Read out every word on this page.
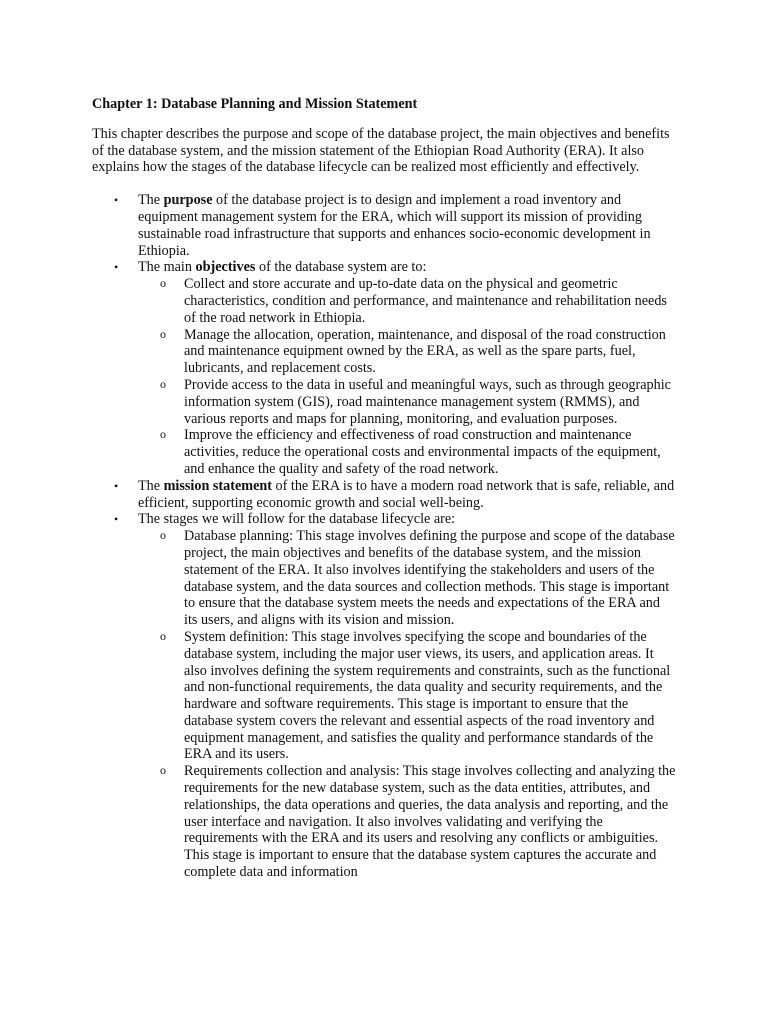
Chapter 1: Database Planning and Mission Statement

This chapter describes the purpose and scope of the database project, the main objectives and benefits of the database system, and the mission statement of the Ethiopian Road Authority (ERA). It also explains how the stages of the database lifecycle can be realized most efficiently and effectively.

• The purpose of the database project is to design and implement a road inventory and equipment management system for the ERA, which will support its mission of providing sustainable road infrastructure that supports and enhances socio-economic development in Ethiopia.
• The main objectives of the database system are to:
o Collect and store accurate and up-to-date data on the physical and geometric characteristics, condition and performance, and maintenance and rehabilitation needs of the road network in Ethiopia.
o Manage the allocation, operation, maintenance, and disposal of the road construction and maintenance equipment owned by the ERA, as well as the spare parts, fuel, lubricants, and replacement costs.
o Provide access to the data in useful and meaningful ways, such as through geographic information system (GIS), road maintenance management system (RMMS), and various reports and maps for planning, monitoring, and evaluation purposes.
o Improve the efficiency and effectiveness of road construction and maintenance activities, reduce the operational costs and environmental impacts of the equipment, and enhance the quality and safety of the road network.
• The mission statement of the ERA is to have a modern road network that is safe, reliable, and efficient, supporting economic growth and social well-being.
• The stages we will follow for the database lifecycle are:
o Database planning: This stage involves defining the purpose and scope of the database project, the main objectives and benefits of the database system, and the mission statement of the ERA. It also involves identifying the stakeholders and users of the database system, and the data sources and collection methods. This stage is important to ensure that the database system meets the needs and expectations of the ERA and its users, and aligns with its vision and mission.
o System definition: This stage involves specifying the scope and boundaries of the database system, including the major user views, its users, and application areas. It also involves defining the system requirements and constraints, such as the functional and non-functional requirements, the data quality and security requirements, and the hardware and software requirements. This stage is important to ensure that the database system covers the relevant and essential aspects of the road inventory and equipment management, and satisfies the quality and performance standards of the ERA and its users.
o Requirements collection and analysis: This stage involves collecting and analyzing the requirements for the new database system, such as the data entities, attributes, and relationships, the data operations and queries, the data analysis and reporting, and the user interface and navigation. It also involves validating and verifying the requirements with the ERA and its users and resolving any conflicts or ambiguities. This stage is important to ensure that the database system captures the accurate and complete data and information
